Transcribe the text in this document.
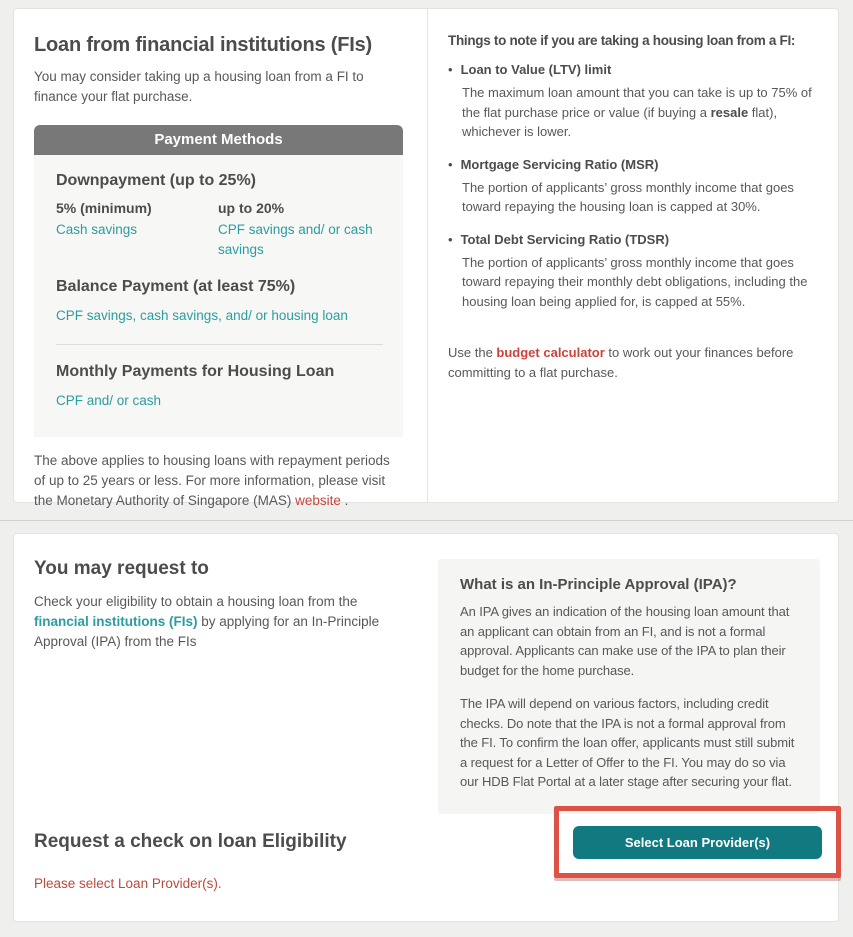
Loan from financial institutions (FIs)

You may consider taking up a housing loan from a FI to finance your flat purchase.

Payment Methods
Downpayment (up to 25%)
5% (minimum)
Cash savings
up to 20%
CPF savings and/ or cash savings
Balance Payment (at least 75%)
CPF savings, cash savings, and/ or housing loan
Monthly Payments for Housing Loan
CPF and/ or cash

The above applies to housing loans with repayment periods of up to 25 years or less. For more information, please visit the Monetary Authority of Singapore (MAS) website .

Things to note if you are taking a housing loan from a FI:
•
Loan to Value (LTV) limit
The maximum loan amount that you can take is up to 75% of the flat purchase price or value (if buying a resale flat), whichever is lower.
•
Mortgage Servicing Ratio (MSR)
The portion of applicants’ gross monthly income that goes toward repaying the housing loan is capped at 30%.
•
Total Debt Servicing Ratio (TDSR)
The portion of applicants’ gross monthly income that goes toward repaying their monthly debt obligations, including the housing loan being applied for, is capped at 55%.

Use the budget calculator to work out your finances before committing to a flat purchase.

You may request to

Check your eligibility to obtain a housing loan from the financial institutions (FIs) by applying for an In-Principle Approval (IPA) from the FIs

What is an In-Principle Approval (IPA)?

An IPA gives an indication of the housing loan amount that an applicant can obtain from an FI, and is not a formal approval. Applicants can make use of the IPA to plan their budget for the home purchase.

The IPA will depend on various factors, including credit checks. Do note that the IPA is not a formal approval from the FI. To confirm the loan offer, applicants must still submit a request for a Letter of Offer to the FI. You may do so via our HDB Flat Portal at a later stage after securing your flat.

Request a check on loan Eligibility

Please select Loan Provider(s).

Select Loan Provider(s)
